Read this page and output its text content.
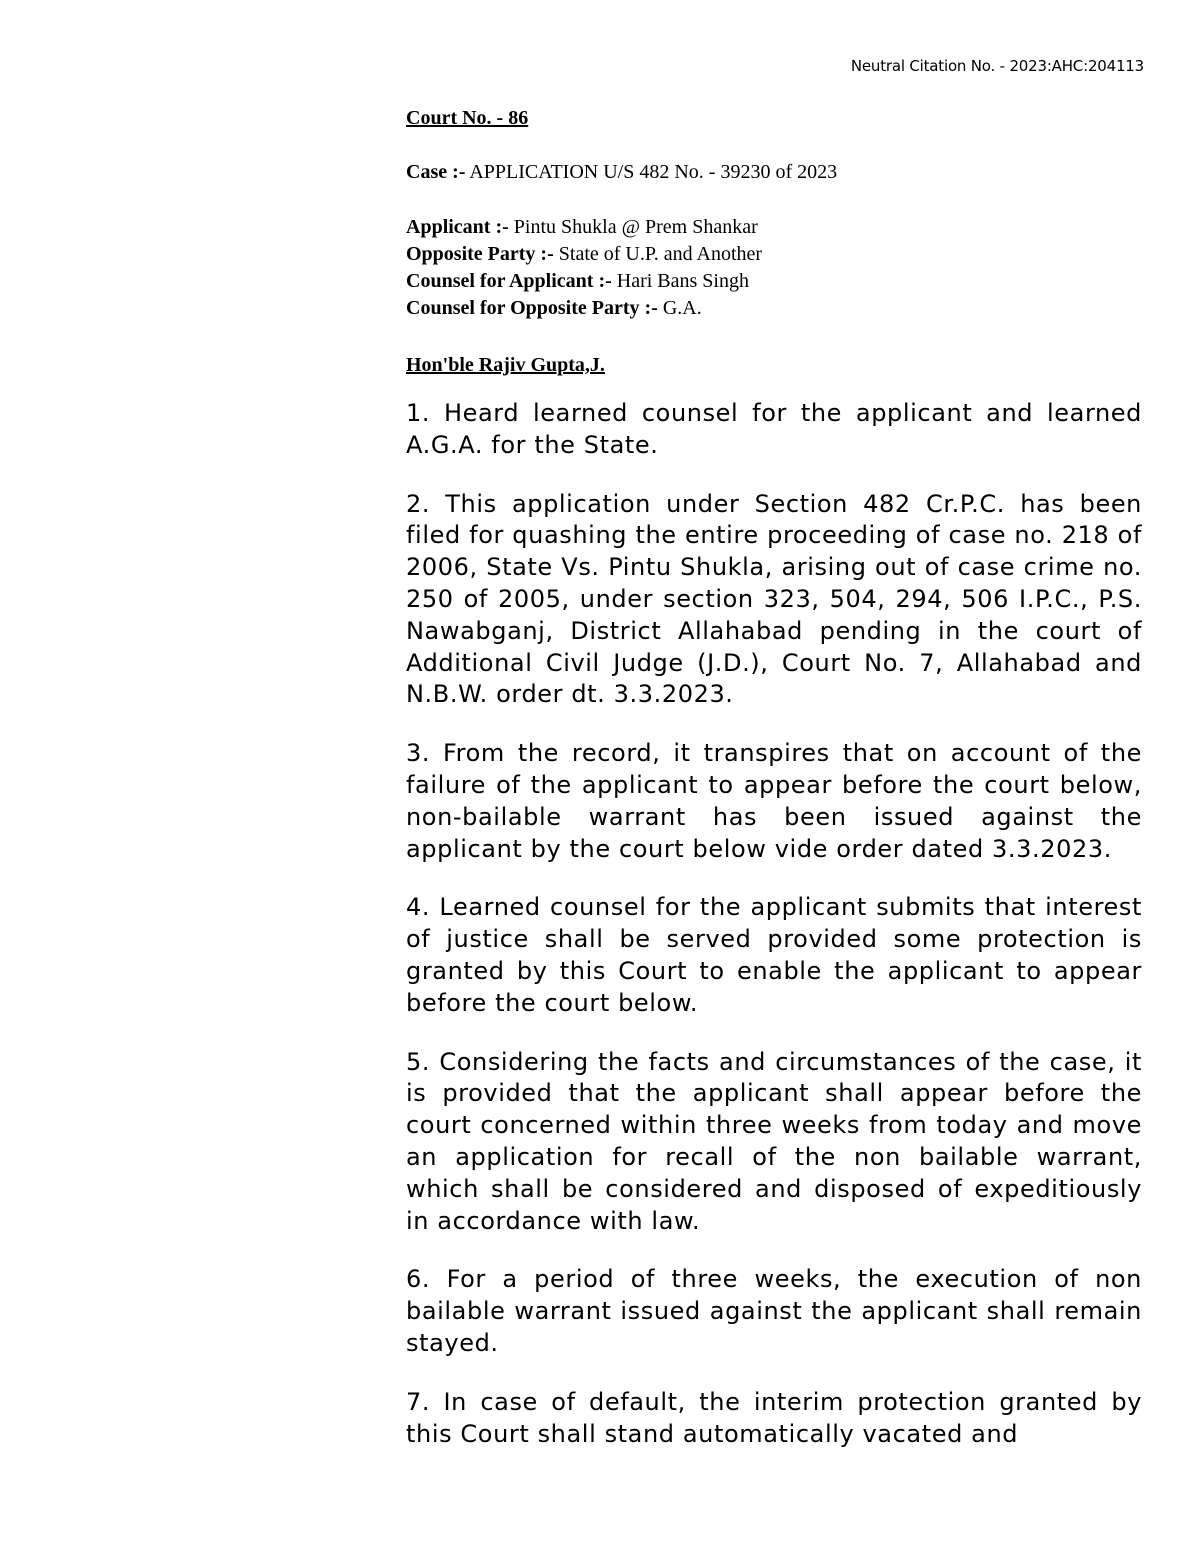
Neutral Citation No. - 2023:AHC:204113

Court No. - 86

Case :- APPLICATION U/S 482 No. - 39230 of 2023

Applicant :- Pintu Shukla @ Prem Shankar

Opposite Party :- State of U.P. and Another

Counsel for Applicant :- Hari Bans Singh

Counsel for Opposite Party :- G.A.

Hon'ble Rajiv Gupta,J.

1. Heard learned counsel for the applicant and learned A.G.A. for the State.

2. This application under Section 482 Cr.P.C. has been filed for quashing the entire proceeding of case no. 218 of 2006, State Vs. Pintu Shukla, arising out of case crime no. 250 of 2005, under section 323, 504, 294, 506 I.P.C., P.S. Nawabganj, District Allahabad pending in the court of Additional Civil Judge (J.D.), Court No. 7, Allahabad and N.B.W. order dt. 3.3.2023.

3. From the record, it transpires that on account of the failure of the applicant to appear before the court below, non-bailable warrant has been issued against the applicant by the court below vide order dated 3.3.2023.

4. Learned counsel for the applicant submits that interest of justice shall be served provided some protection is granted by this Court to enable the applicant to appear before the court below.

5. Considering the facts and circumstances of the case, it is provided that the applicant shall appear before the court concerned within three weeks from today and move an application for recall of the non bailable warrant, which shall be considered and disposed of expeditiously in accordance with law.

6. For a period of three weeks, the execution of non bailable warrant issued against the applicant shall remain stayed.

7. In case of default, the interim protection granted by this Court shall stand automatically vacated and
